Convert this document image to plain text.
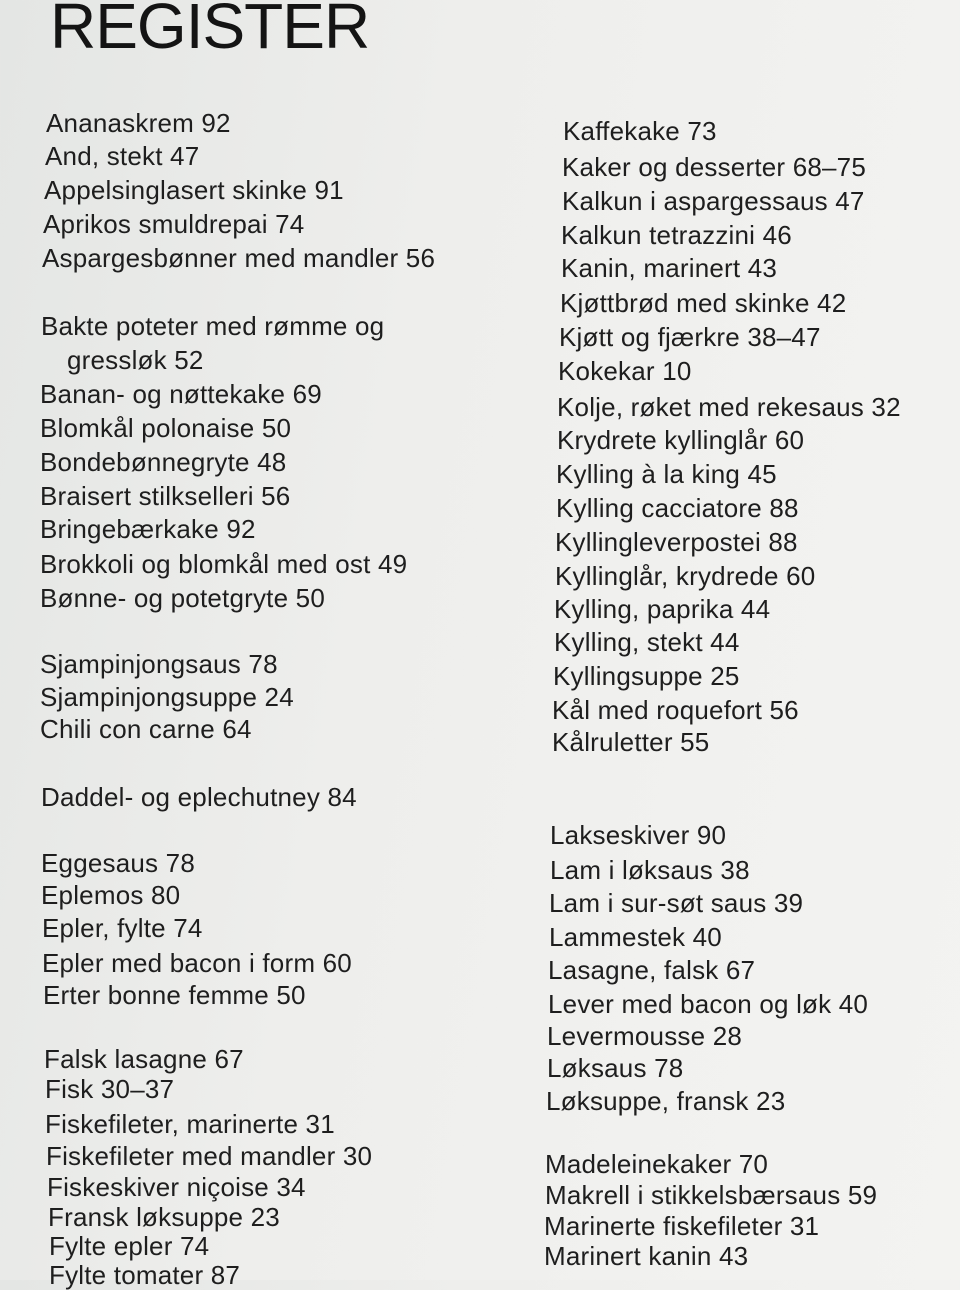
REGISTER
Ananaskrem 92
And, stekt 47
Appelsinglasert skinke 91
Aprikos smuldrepai 74
Aspargesbønner med mandler 56
Bakte poteter med rømme og
gressløk 52
Banan- og nøttekake 69
Blomkål polonaise 50
Bondebønnegryte 48
Braisert stilkselleri 56
Bringebærkake 92
Brokkoli og blomkål med ost 49
Bønne- og potetgryte 50
Sjampinjongsaus 78
Sjampinjongsuppe 24
Chili con carne 64
Daddel- og eplechutney 84
Eggesaus 78
Eplemos 80
Epler, fylte 74
Epler med bacon i form 60
Erter bonne femme 50
Falsk lasagne 67
Fisk 30–37
Fiskefileter, marinerte 31
Fiskefileter med mandler 30
Fiskeskiver niçoise 34
Fransk løksuppe 23
Fylte epler 74
Fylte tomater 87
Kaffekake 73
Kaker og desserter 68–75
Kalkun i aspargessaus 47
Kalkun tetrazzini 46
Kanin, marinert 43
Kjøttbrød med skinke 42
Kjøtt og fjærkre 38–47
Kokekar 10
Kolje, røket med rekesaus 32
Krydrete kyllinglår 60
Kylling à la king 45
Kylling cacciatore 88
Kyllingleverpostei 88
Kyllinglår, krydrede 60
Kylling, paprika 44
Kylling, stekt 44
Kyllingsuppe 25
Kål med roquefort 56
Kålruletter 55
Lakseskiver 90
Lam i løksaus 38
Lam i sur-søt saus 39
Lammestek 40
Lasagne, falsk 67
Lever med bacon og løk 40
Levermousse 28
Løksaus 78
Løksuppe, fransk 23
Madeleinekaker 70
Makrell i stikkelsbærsaus 59
Marinerte fiskefileter 31
Marinert kanin 43
